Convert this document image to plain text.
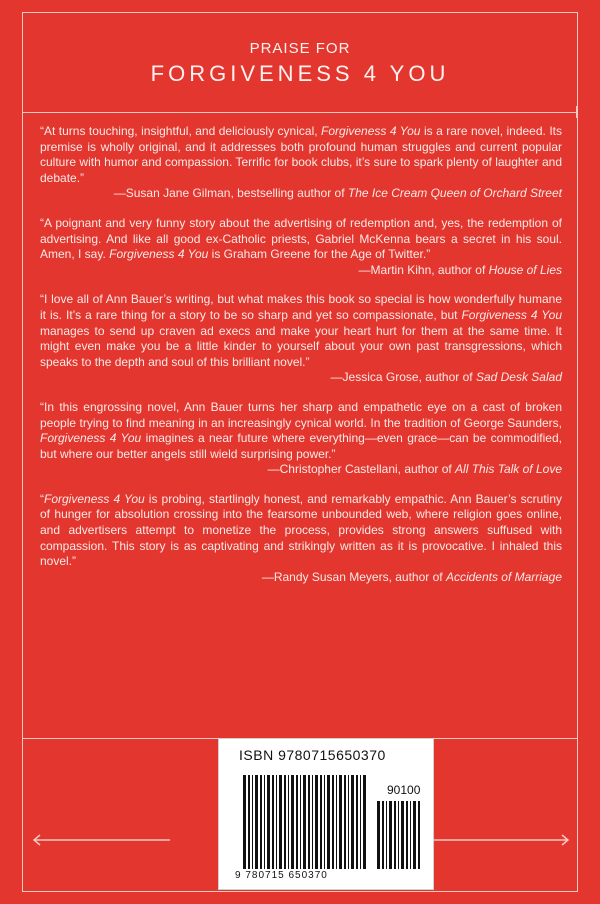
PRAISE FOR
FORGIVENESS 4 YOU

“At turns touching, insightful, and deliciously cynical, Forgiveness 4 You is a rare novel, indeed. Its premise is wholly original, and it addresses both profound human struggles and current popular culture with humor and compassion. Terrific for book clubs, it’s sure to spark plenty of laughter and debate.”

—Susan Jane Gilman, bestselling author of The Ice Cream Queen of Orchard Street

“A poignant and very funny story about the advertising of redemption and, yes, the redemption of advertising. And like all good ex-Catholic priests, Gabriel McKenna bears a secret in his soul. Amen, I say. Forgiveness 4 You is Graham Greene for the Age of Twitter.”

—Martin Kihn, author of House of Lies

“I love all of Ann Bauer’s writing, but what makes this book so special is how wonderfully humane it is. It’s a rare thing for a story to be so sharp and yet so compassionate, but Forgiveness 4 You manages to send up craven ad execs and make your heart hurt for them at the same time. It might even make you be a little kinder to yourself about your own past transgressions, which speaks to the depth and soul of this brilliant novel.”

—Jessica Grose, author of Sad Desk Salad

“In this engrossing novel, Ann Bauer turns her sharp and empathetic eye on a cast of broken people trying to find meaning in an increasingly cynical world. In the tradition of George Saunders, Forgiveness 4 You imagines a near future where everything—even grace—can be commodified, but where our better angels still wield surprising power.”

—Christopher Castellani, author of All This Talk of Love

“Forgiveness 4 You is probing, startlingly honest, and remarkably empathic. Ann Bauer’s scrutiny of hunger for absolution crossing into the fearsome unbounded web, where religion goes online, and advertisers attempt to monetize the process, provides strong answers suffused with compassion. This story is as captivating and strikingly written as it is provocative. I inhaled this novel.”

—Randy Susan Meyers, author of Accidents of Marriage

ISBN 9780715650370
90100
9 780715 650370
